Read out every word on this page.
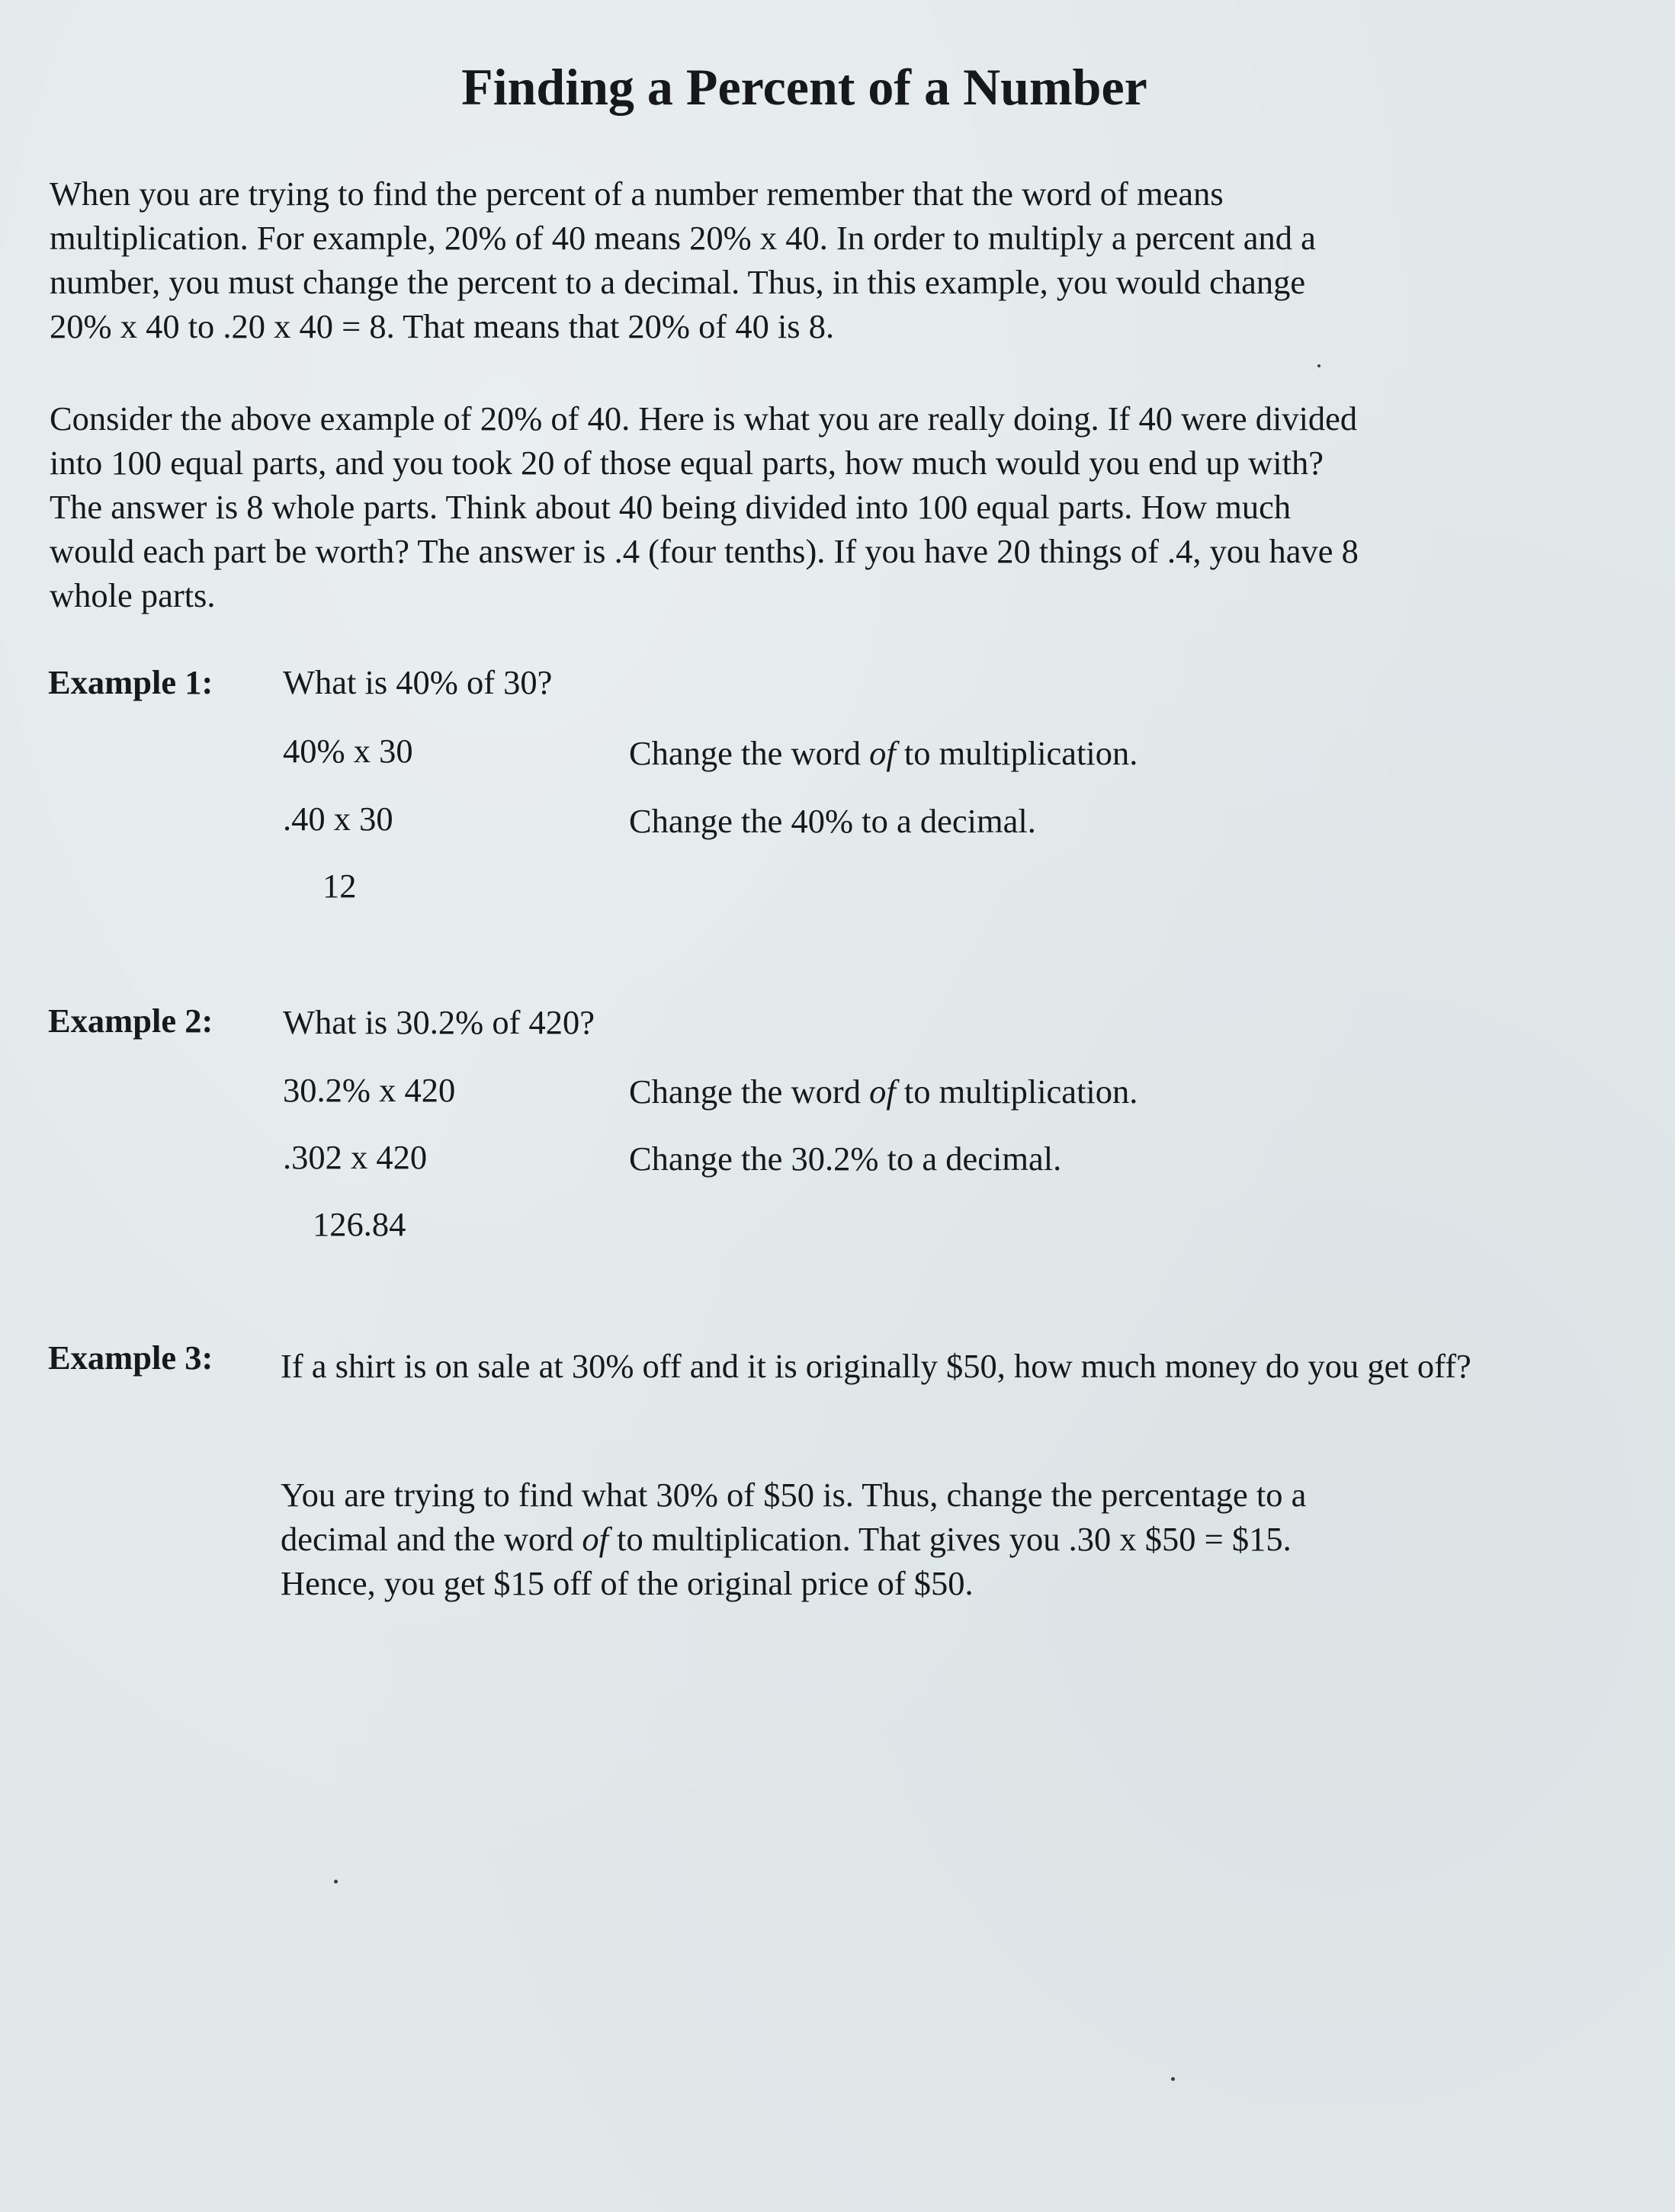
Finding a Percent of a Number

When you are trying to find the percent of a number remember that the word of means
multiplication. For example, 20% of 40 means 20% x 40. In order to multiply a percent and a
number, you must change the percent to a decimal. Thus, in this example, you would change
20% x 40 to .20 x 40 = 8. That means that 20% of 40 is 8.

Consider the above example of 20% of 40. Here is what you are really doing. If 40 were divided
into 100 equal parts, and you took 20 of those equal parts, how much would you end up with?
The answer is 8 whole parts. Think about 40 being divided into 100 equal parts. How much
would each part be worth? The answer is .4 (four tenths). If you have 20 things of .4, you have 8
whole parts.

Example 1: What is 40% of 30?
40% x 30	Change the word of to multiplication.
.40 x 30	Change the 40% to a decimal.
12
Example 2: What is 30.2% of 420?
30.2% x 420	Change the word of to multiplication.
.302 x 420	Change the 30.2% to a decimal.
126.84
Example 3: If a shirt is on sale at 30% off and it is originally $50, how much money do you get off?
You are trying to find what 30% of $50 is. Thus, change the percentage to a
decimal and the word of to multiplication. That gives you .30 x $50 = $15.
Hence, you get $15 off of the original price of $50.
